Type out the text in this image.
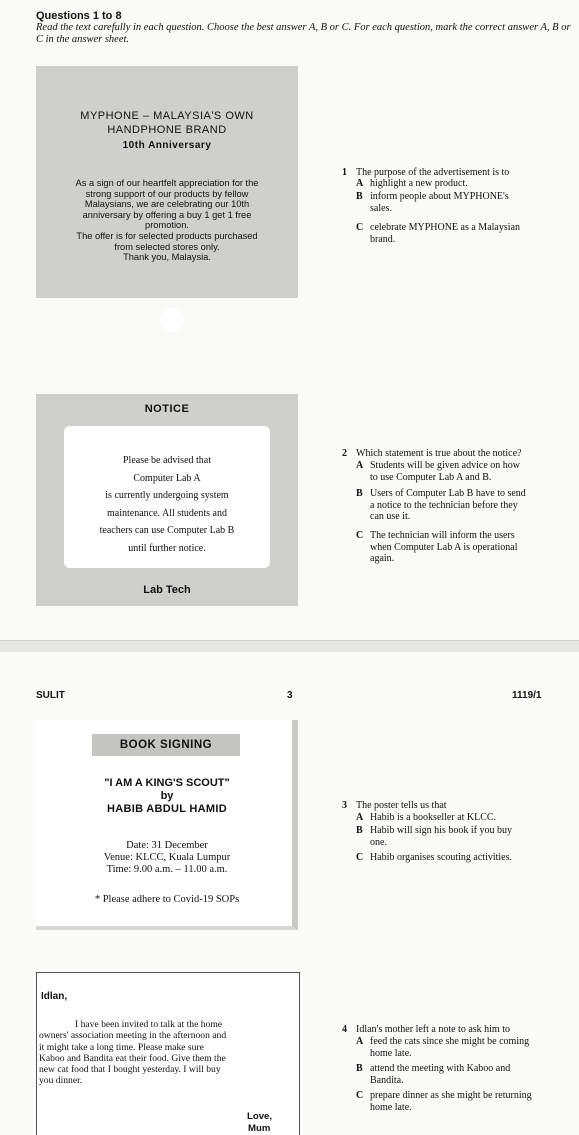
Questions 1 to 8
Read the text carefully in each question. Choose the best answer A, B or C. For each question, mark the correct answer A, B or C in the answer sheet.
MYPHONE – MALAYSIA'S OWN
HANDPHONE BRAND
10th Anniversary
As a sign of our heartfelt appreciation for the
strong support of our products by fellow
Malaysians, we are celebrating our 10th
anniversary by offering a buy 1 get 1 free
promotion.
The offer is for selected products purchased
from selected stores only.
Thank you, Malaysia.
1 The purpose of the advertisement is to
A highlight a new product.
B inform people about MYPHONE's
sales.
C celebrate MYPHONE as a Malaysian
brand.
NOTICE
Please be advised that
Computer Lab A
is currently undergoing system
maintenance. All students and
teachers can use Computer Lab B
until further notice.
Lab Tech
2 Which statement is true about the notice?
A Students will be given advice on how
to use Computer Lab A and B.
B Users of Computer Lab B have to send
a notice to the technician before they
can use it.
C The technician will inform the users
when Computer Lab A is operational
again.
SULIT	3	1119/1
BOOK SIGNING
"I AM A KING'S SCOUT"
by
HABIB ABDUL HAMID
Date: 31 December
Venue: KLCC, Kuala Lumpur
Time: 9.00 a.m. – 11.00 a.m.
* Please adhere to Covid-19 SOPs
3 The poster tells us that
A Habib is a bookseller at KLCC.
B Habib will sign his book if you buy
one.
C Habib organises scouting activities.
Idlan,
I have been invited to talk at the home
owners' association meeting in the afternoon and
it might take a long time. Please make sure
Kaboo and Bandita eat their food. Give them the
new cat food that I bought yesterday. I will buy
you dinner.
Love,
Mum
4 Idlan's mother left a note to ask him to
A feed the cats since she might be coming
home late.
B attend the meeting with Kaboo and
Bandita.
C prepare dinner as she might be returning
home late.
